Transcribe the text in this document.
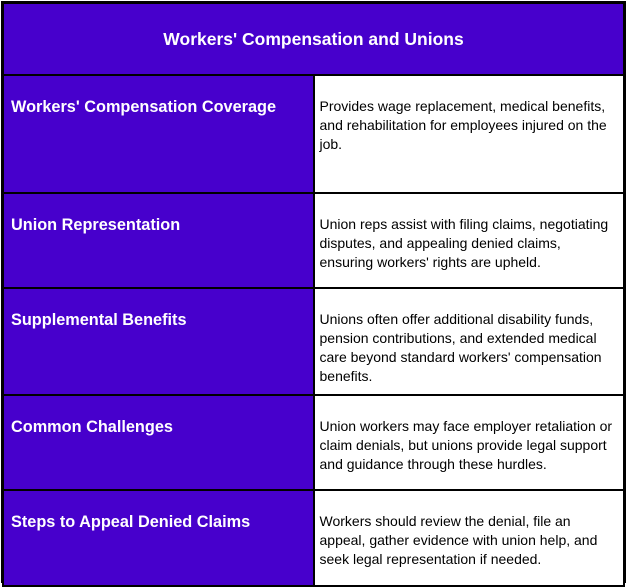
Workers' Compensation and Unions	
Workers' Compensation Coverage	Provides wage replacement, medical benefits, and rehabilitation for employees injured on the job.
Union Representation	Union reps assist with filing claims, negotiating disputes, and appealing denied claims, ensuring workers' rights are upheld.
Supplemental Benefits	Unions often offer additional disability funds, pension contributions, and extended medical care beyond standard workers' compensation benefits.
Common Challenges	Union workers may face employer retaliation or claim denials, but unions provide legal support and guidance through these hurdles.
Steps to Appeal Denied Claims	Workers should review the denial, file an appeal, gather evidence with union help, and seek legal representation if needed.
